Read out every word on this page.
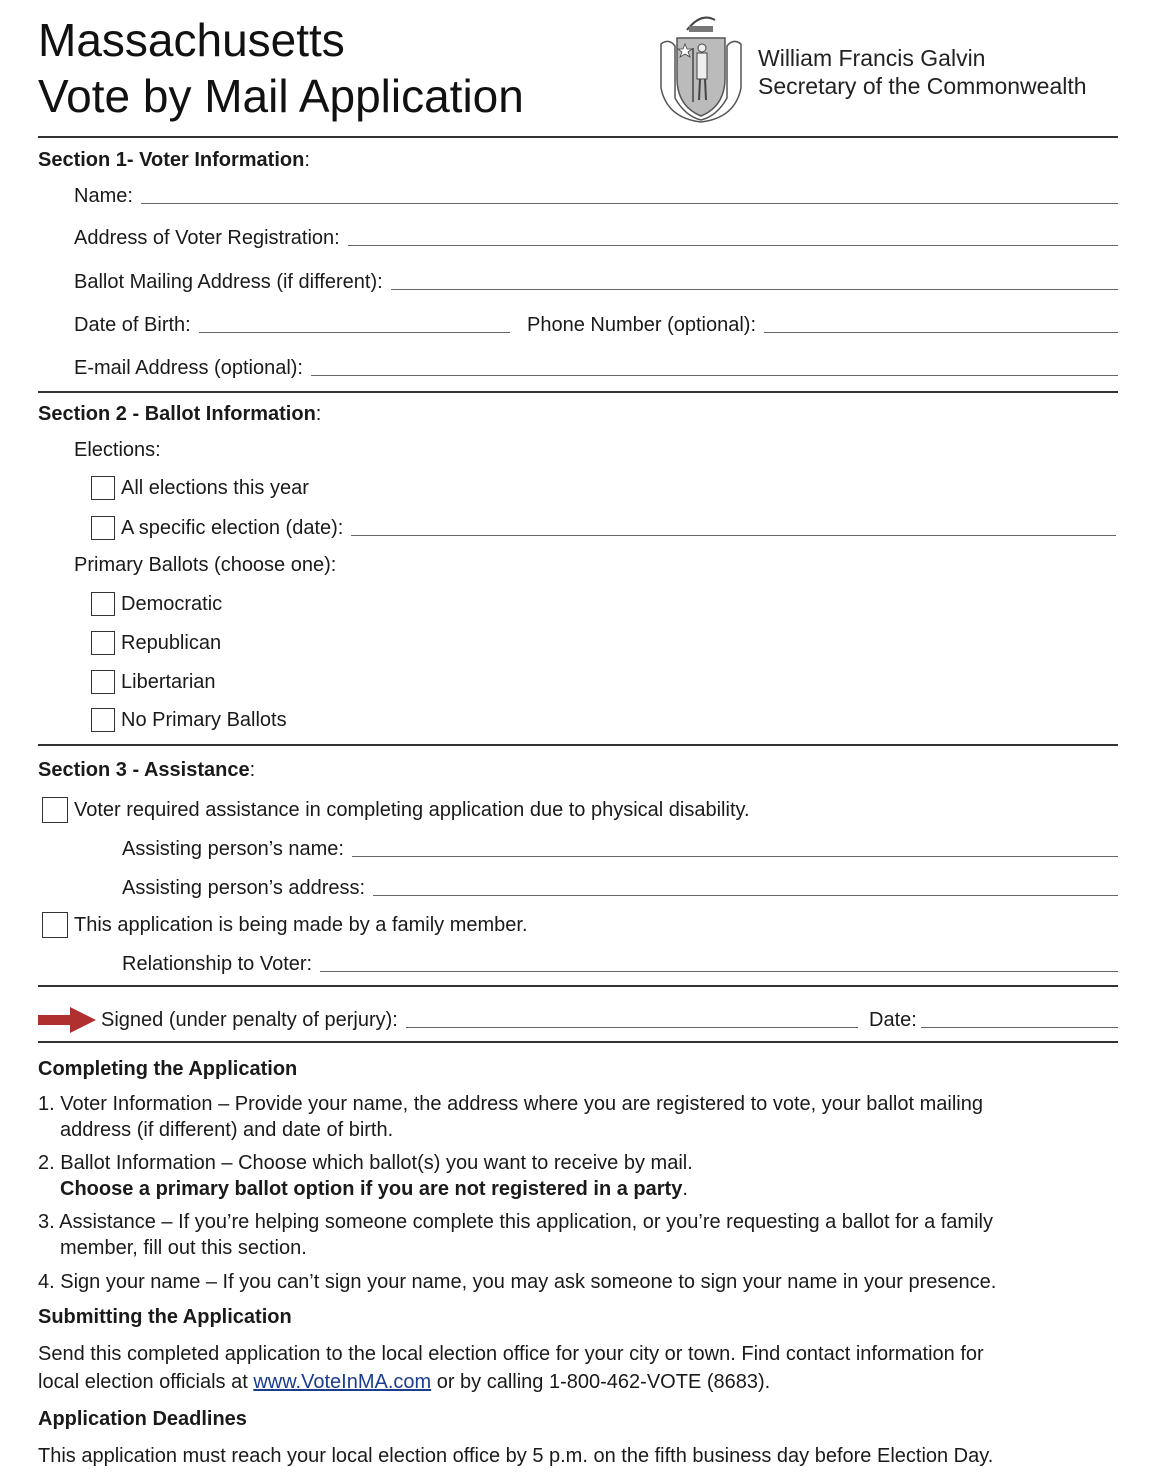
Massachusetts
Vote by Mail Application
William Francis Galvin
Secretary of the Commonwealth
Section 1- Voter Information:
Name:
Address of Voter Registration:
Ballot Mailing Address (if different):
Date of Birth:	Phone Number (optional):
E-mail Address (optional):
Section 2 - Ballot Information:
Elections:
All elections this year
A specific election (date):
Primary Ballots (choose one):
Democratic
Republican
Libertarian
No Primary Ballots
Section 3 - Assistance:
Voter required assistance in completing application due to physical disability.
Assisting person’s name:
Assisting person’s address:
This application is being made by a family member.
Relationship to Voter:
Signed (under penalty of perjury):	Date:
Completing the Application
1. Voter Information – Provide your name, the address where you are registered to vote, your ballot mailing
address (if different) and date of birth.
2. Ballot Information – Choose which ballot(s) you want to receive by mail.
Choose a primary ballot option if you are not registered in a party.
3. Assistance – If you’re helping someone complete this application, or you’re requesting a ballot for a family
member, fill out this section.
4. Sign your name – If you can’t sign your name, you may ask someone to sign your name in your presence.
Submitting the Application
Send this completed application to the local election office for your city or town. Find contact information for
local election officials at www.VoteInMA.com or by calling 1-800-462-VOTE (8683).
Application Deadlines
This application must reach your local election office by 5 p.m. on the fifth business day before Election Day.
